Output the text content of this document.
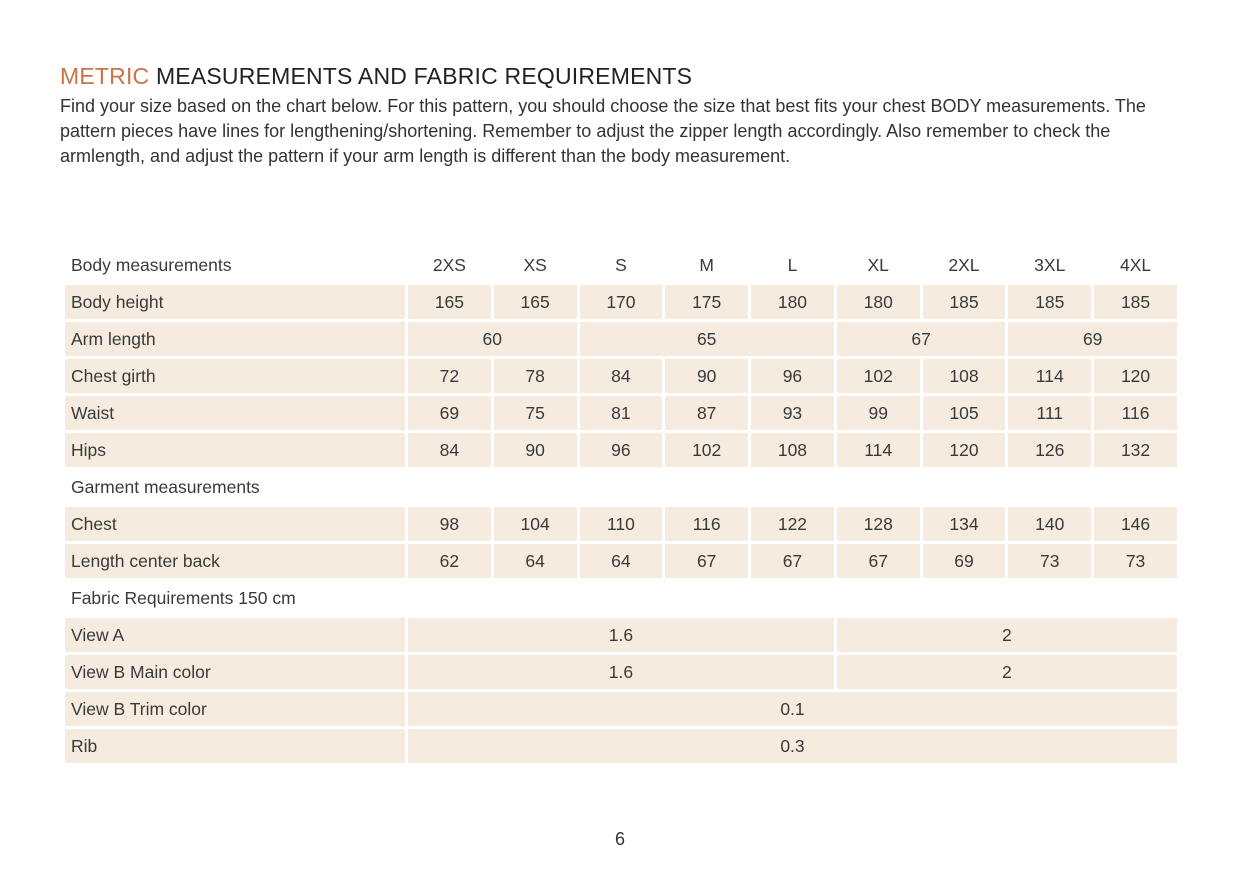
METRIC MEASUREMENTS AND FABRIC REQUIREMENTS

Find your size based on the chart below. For this pattern, you should choose the size that best fits your chest BODY measurements. The pattern pieces have lines for lengthening/shortening. Remember to adjust the zipper length accordingly. Also remember to check the armlength, and adjust the pattern if your arm length is different than the body measurement.

Body measurements	2XS	XS	S	M	L	XL	2XL	3XL	4XL
Body height	165	165	170	175	180	180	185	185	185
Arm length	60		65			67		69	
Chest girth	72	78	84	90	96	102	108	114	120
Waist	69	75	81	87	93	99	105	111	116
Hips	84	90	96	102	108	114	120	126	132
Garment measurements									
Chest	98	104	110	116	122	128	134	140	146
Length center back	62	64	64	67	67	67	69	73	73
Fabric Requirements 150 cm									
View A	1.6					2			
View B Main color	1.6					2			
View B Trim color	0.1								
Rib	0.3								
6
